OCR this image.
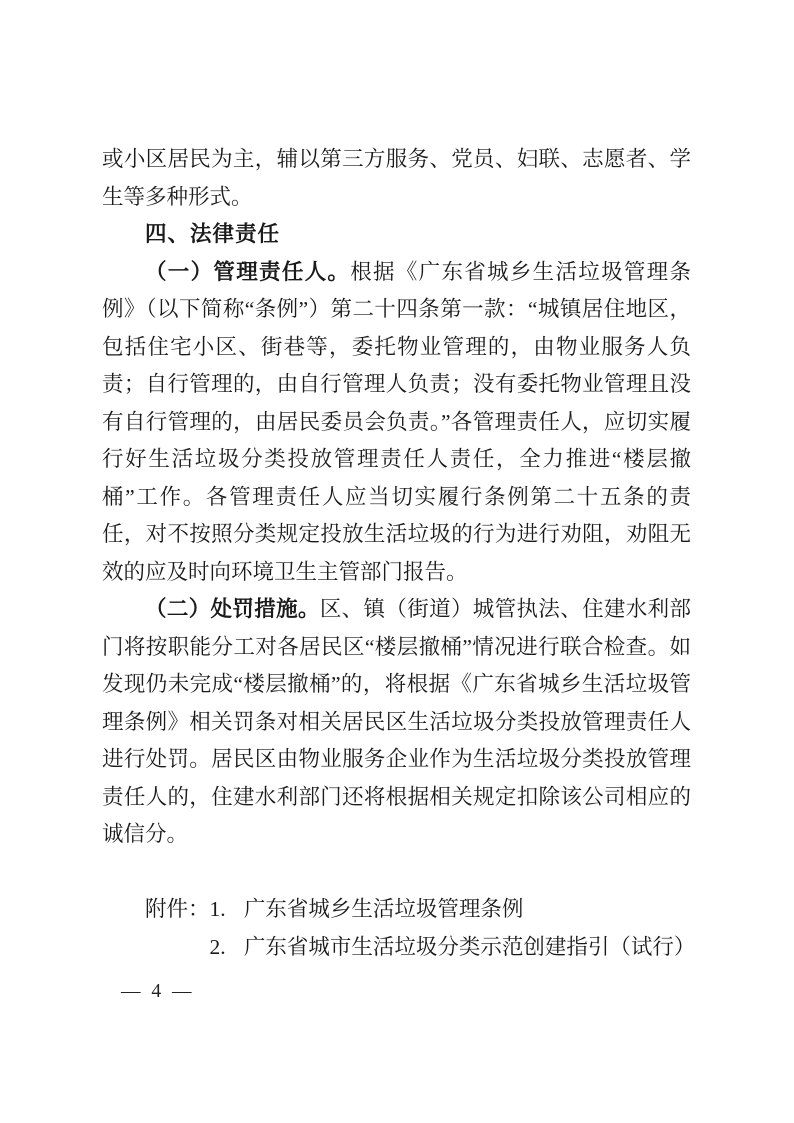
或小区居民为主，辅以第三方服务、党员、妇联、志愿者、学生等多种形式。

四、法律责任

（一）管理责任人。根据《广东省城乡生活垃圾管理条例》（以下简称“条例”）第二十四条第一款：“城镇居住地区，包括住宅小区、街巷等，委托物业管理的，由物业服务人负责；自行管理的，由自行管理人负责；没有委托物业管理且没有自行管理的，由居民委员会负责。”各管理责任人，应切实履行好生活垃圾分类投放管理责任人责任，全力推进“楼层撤桶”工作。各管理责任人应当切实履行条例第二十五条的责任，对不按照分类规定投放生活垃圾的行为进行劝阻，劝阻无效的应及时向环境卫生主管部门报告。

（二）处罚措施。区、镇（街道）城管执法、住建水利部门将按职能分工对各居民区“楼层撤桶”情况进行联合检查。如发现仍未完成“楼层撤桶”的，将根据《广东省城乡生活垃圾管理条例》相关罚条对相关居民区生活垃圾分类投放管理责任人进行处罚。居民区由物业服务企业作为生活垃圾分类投放管理责任人的，住建水利部门还将根据相关规定扣除该公司相应的诚信分。

附件： 1. 广东省城乡生活垃圾管理条例
2. 广东省城市生活垃圾分类示范创建指引（试行）
— 4 —
